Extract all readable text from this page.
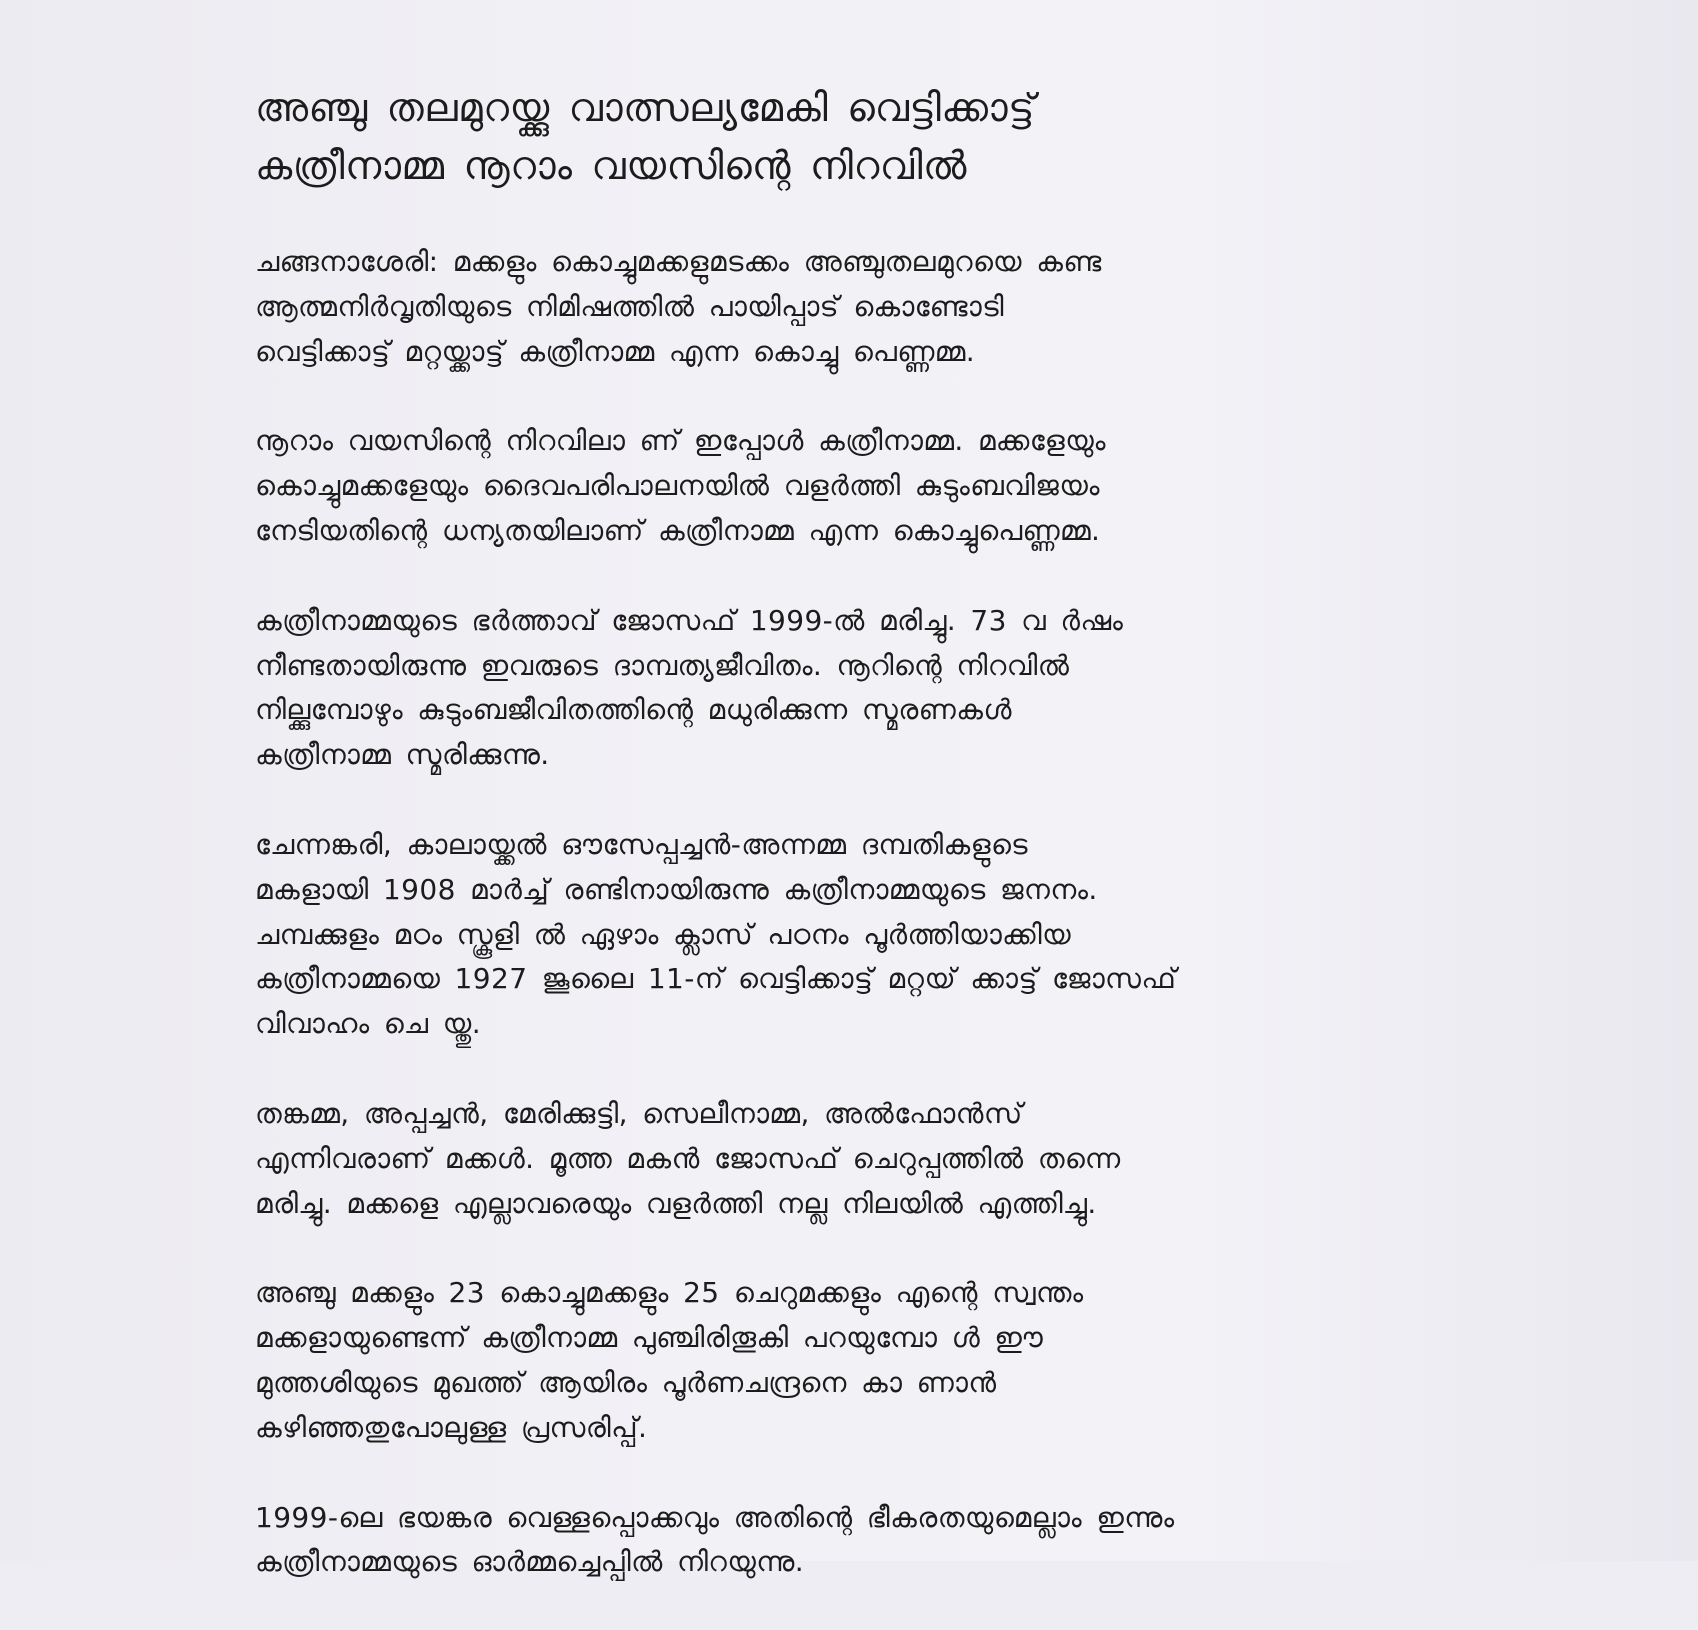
അഞ്ചു തലമുറയ്ക്കു വാത്സല്യമേകി വെട്ടിക്കാട്ട്
കത്രീനാമ്മ നൂറാം വയസിന്റെ നിറവിൽ

ചങ്ങനാശേരി: മക്കളും കൊച്ചുമക്കളുമടക്കം അഞ്ചുതലമുറയെ കണ്ട
ആത്മനിർവൃതിയുടെ നിമിഷത്തിൽ പായിപ്പാട് കൊണ്ടോടി
വെട്ടിക്കാട്ട് മറ്റയ്ക്കാട്ട് കത്രീനാമ്മ എന്ന കൊച്ചു പെണ്ണമ്മ.

നൂറാം വയസിന്റെ നിറവിലാ ണ് ഇപ്പോൾ കത്രീനാമ്മ. മക്കളേയും
കൊച്ചുമക്കളേയും ദൈവപരിപാലനയിൽ വളർത്തി കുടുംബവിജയം
നേടിയതിന്റെ ധന്യതയിലാണ് കത്രീനാമ്മ എന്ന കൊച്ചുപെണ്ണമ്മ.

കത്രീനാമ്മയുടെ ഭർത്താവ് ജോസഫ് 1999-ൽ മരിച്ചു. 73 വ ർഷം
നീണ്ടതായിരുന്നു ഇവരുടെ ദാമ്പത്യജീവിതം. നൂറിന്റെ നിറവിൽ
നില്ക്കുമ്പോഴും കുടുംബജീവിതത്തിന്റെ മധുരിക്കുന്ന സ്മരണകൾ
കത്രീനാമ്മ സ്മരിക്കുന്നു.

ചേന്നങ്കരി, കാലായ്ക്കൽ ഔസേപ്പച്ചൻ-അന്നമ്മ ദമ്പതികളുടെ
മകളായി 1908 മാർച്ച് രണ്ടിനായിരുന്നു കത്രീനാമ്മയുടെ ജനനം.
ചമ്പക്കുളം മഠം സ്കൂളി ൽ ഏഴാം ക്ലാസ് പഠനം പൂർത്തിയാക്കിയ
കത്രീനാമ്മയെ 1927 ജൂലൈ 11-ന് വെട്ടിക്കാട്ട് മറ്റയ് ക്കാട്ട് ജോസഫ്
വിവാഹം ചെ യ്തു.

തങ്കമ്മ, അപ്പച്ചൻ, മേരിക്കുട്ടി, സെലീനാമ്മ, അൽഫോൻസ്
എന്നിവരാണ് മക്കൾ. മൂത്ത മകൻ ജോസഫ് ചെറുപ്പത്തിൽ തന്നെ
മരിച്ചു. മക്കളെ എല്ലാവരെയും വളർത്തി നല്ല നിലയിൽ എത്തിച്ചു.

അഞ്ചു മക്കളും 23 കൊച്ചുമക്കളും 25 ചെറുമക്കളും എന്റെ സ്വന്തം
മക്കളായുണ്ടെന്ന് കത്രീനാമ്മ പുഞ്ചിരിതൂകി പറയുമ്പോ ൾ ഈ
മുത്തശിയുടെ മുഖത്ത് ആയിരം പൂർണചന്ദ്രനെ കാ ണാൻ
കഴിഞ്ഞതുപോലുള്ള പ്രസരിപ്പ്.

1999-ലെ ഭയങ്കര വെള്ളപ്പൊക്കവും അതിന്റെ ഭീകരതയുമെല്ലാം ഇന്നും
കത്രീനാമ്മയുടെ ഓർമ്മച്ചെപ്പിൽ നിറയുന്നു.
